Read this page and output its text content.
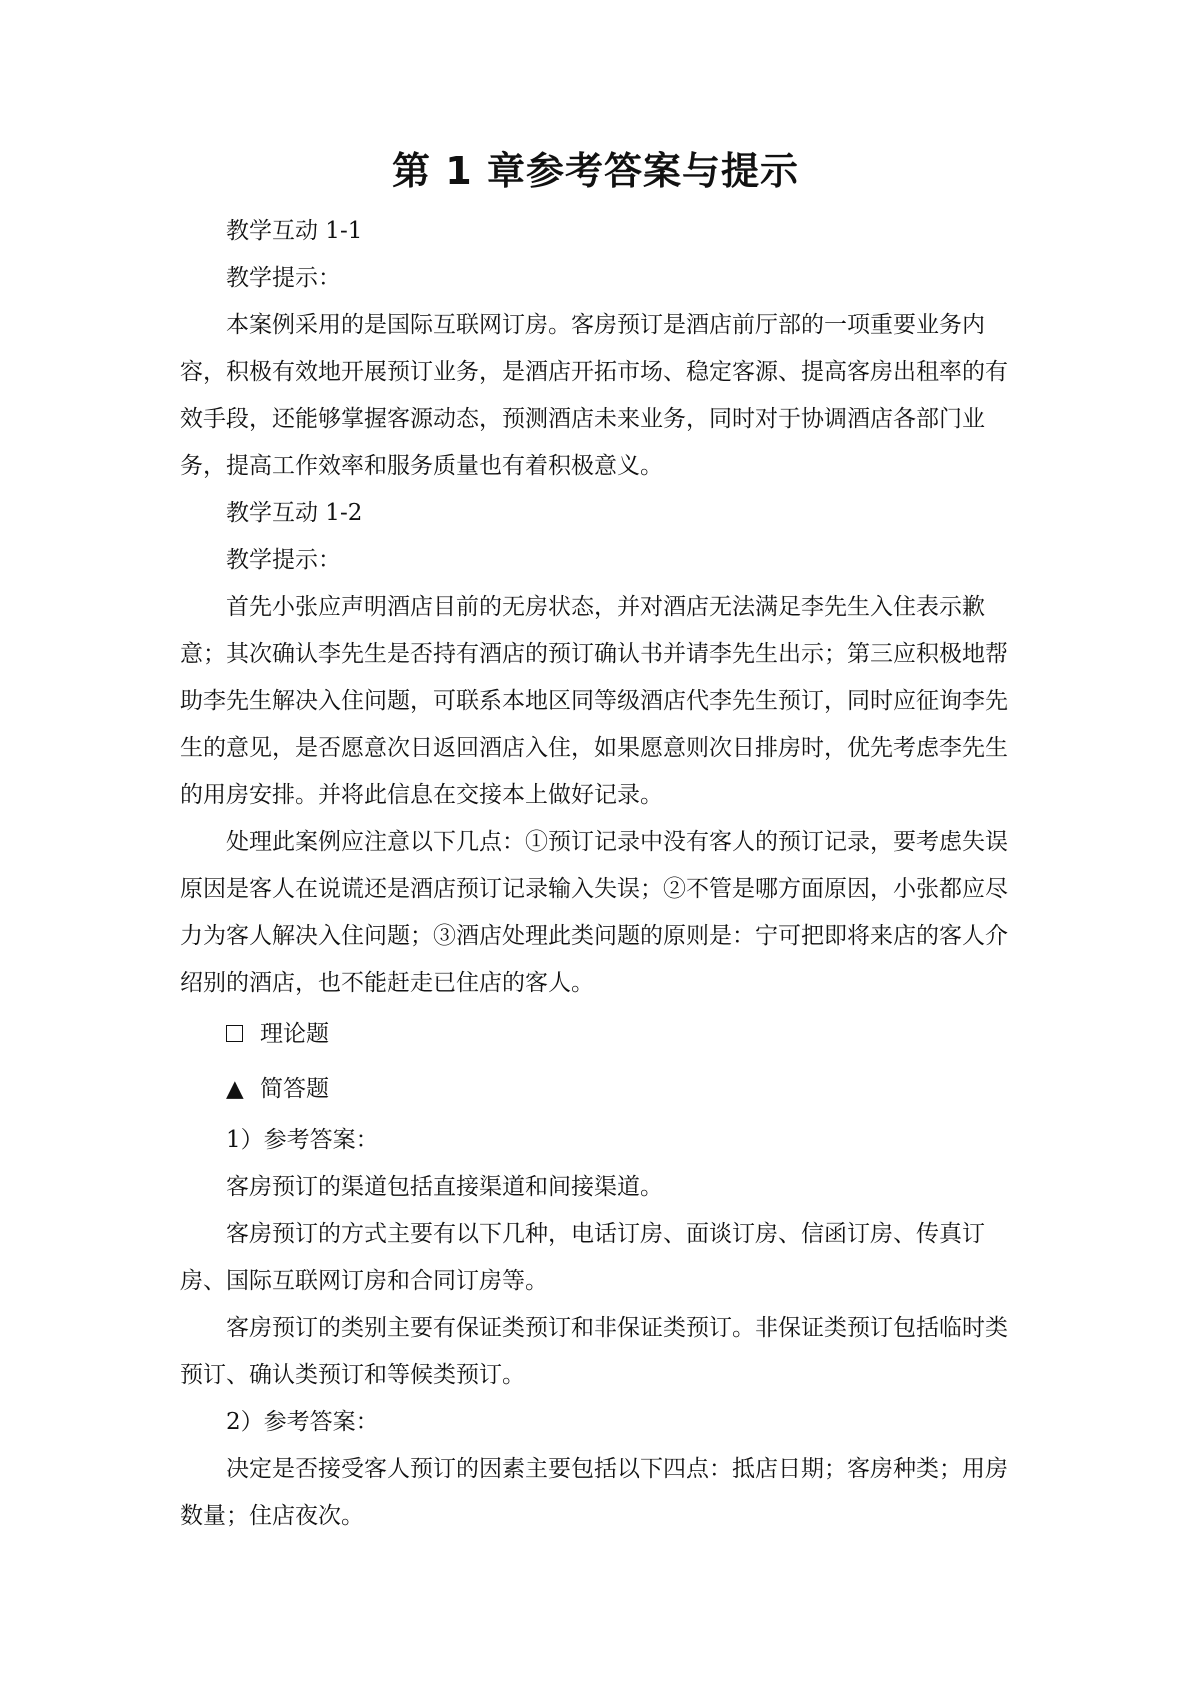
第 1 章参考答案与提示

教学互动 1-1

教学提示：

本案例采用的是国际互联网订房。客房预订是酒店前厅部的一项重要业务内容，积极有效地开展预订业务，是酒店开拓市场、稳定客源、提高客房出租率的有效手段，还能够掌握客源动态，预测酒店未来业务，同时对于协调酒店各部门业务，提高工作效率和服务质量也有着积极意义。

教学互动 1-2

教学提示：

首先小张应声明酒店目前的无房状态，并对酒店无法满足李先生入住表示歉意；其次确认李先生是否持有酒店的预订确认书并请李先生出示；第三应积极地帮助李先生解决入住问题，可联系本地区同等级酒店代李先生预订，同时应征询李先生的意见，是否愿意次日返回酒店入住，如果愿意则次日排房时，优先考虑李先生的用房安排。并将此信息在交接本上做好记录。

处理此案例应注意以下几点：①预订记录中没有客人的预订记录，要考虑失误原因是客人在说谎还是酒店预订记录输入失误；②不管是哪方面原因，小张都应尽力为客人解决入住问题；③酒店处理此类问题的原则是：宁可把即将来店的客人介绍别的酒店，也不能赶走已住店的客人。

理论题
▲ 简答题

1）参考答案：

客房预订的渠道包括直接渠道和间接渠道。

客房预订的方式主要有以下几种，电话订房、面谈订房、信函订房、传真订房、国际互联网订房和合同订房等。

客房预订的类别主要有保证类预订和非保证类预订。非保证类预订包括临时类预订、确认类预订和等候类预订。

2）参考答案：

决定是否接受客人预订的因素主要包括以下四点：抵店日期；客房种类；用房数量；住店夜次。
